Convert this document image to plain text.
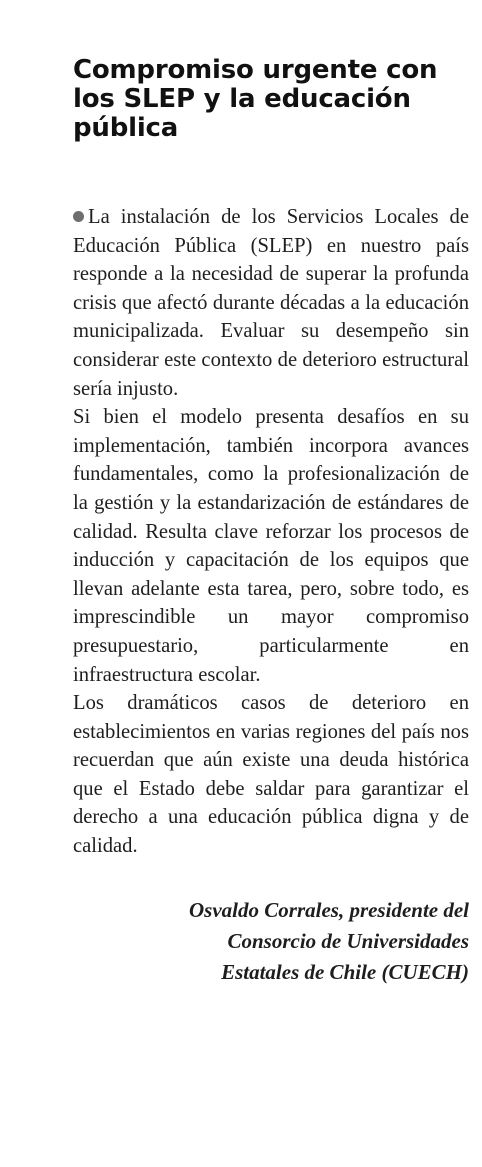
Compromiso urgente con los SLEP y la educación pública

La instalación de los Servicios Locales de Educación Pública (SLEP) en nuestro país responde a la necesidad de superar la profunda crisis que afectó durante décadas a la educación municipalizada. Evaluar su desempeño sin considerar este contexto de deterioro estructural sería injusto.

Si bien el modelo presenta desafíos en su implementación, también incorpora avances fundamentales, como la profesionalización de la gestión y la estandarización de estándares de calidad. Resulta clave reforzar los procesos de inducción y capacitación de los equipos que llevan adelante esta tarea, pero, sobre todo, es imprescindible un mayor compromiso presupuestario, particularmente en infraestructura escolar.

Los dramáticos casos de deterioro en establecimientos en varias regiones del país nos recuerdan que aún existe una deuda histórica que el Estado debe saldar para garantizar el derecho a una educación pública digna y de calidad.

Osvaldo Corrales, presidente del
Consorcio de Universidades
Estatales de Chile (CUECH)
